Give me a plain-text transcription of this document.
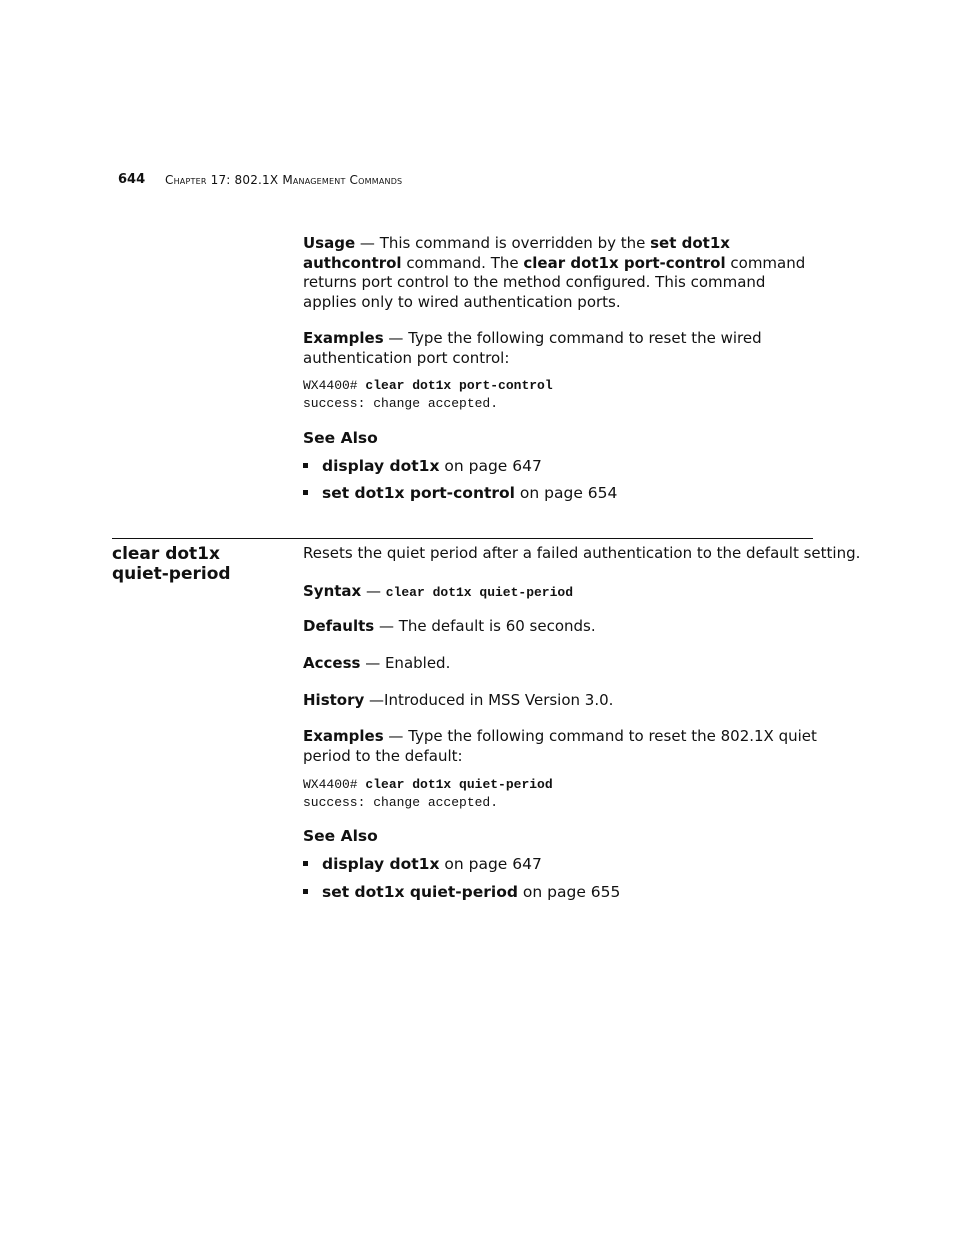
644 Chapter 17: 802.1X Management Commands
Usage — This command is overridden by the set dot1x authcontrol command. The clear dot1x port-control command returns port control to the method configured. This command applies only to wired authentication ports.
Examples — Type the following command to reset the wired authentication port control:
WX4400# clear dot1x port-control
success: change accepted.
See Also
display dot1x on page 647
set dot1x port-control on page 654
clear dot1x
quiet-period
Resets the quiet period after a failed authentication to the default setting.
Syntax — clear dot1x quiet-period
Defaults — The default is 60 seconds.
Access — Enabled.
History —Introduced in MSS Version 3.0.
Examples — Type the following command to reset the 802.1X quiet period to the default:
WX4400# clear dot1x quiet-period
success: change accepted.
See Also
display dot1x on page 647
set dot1x quiet-period on page 655
